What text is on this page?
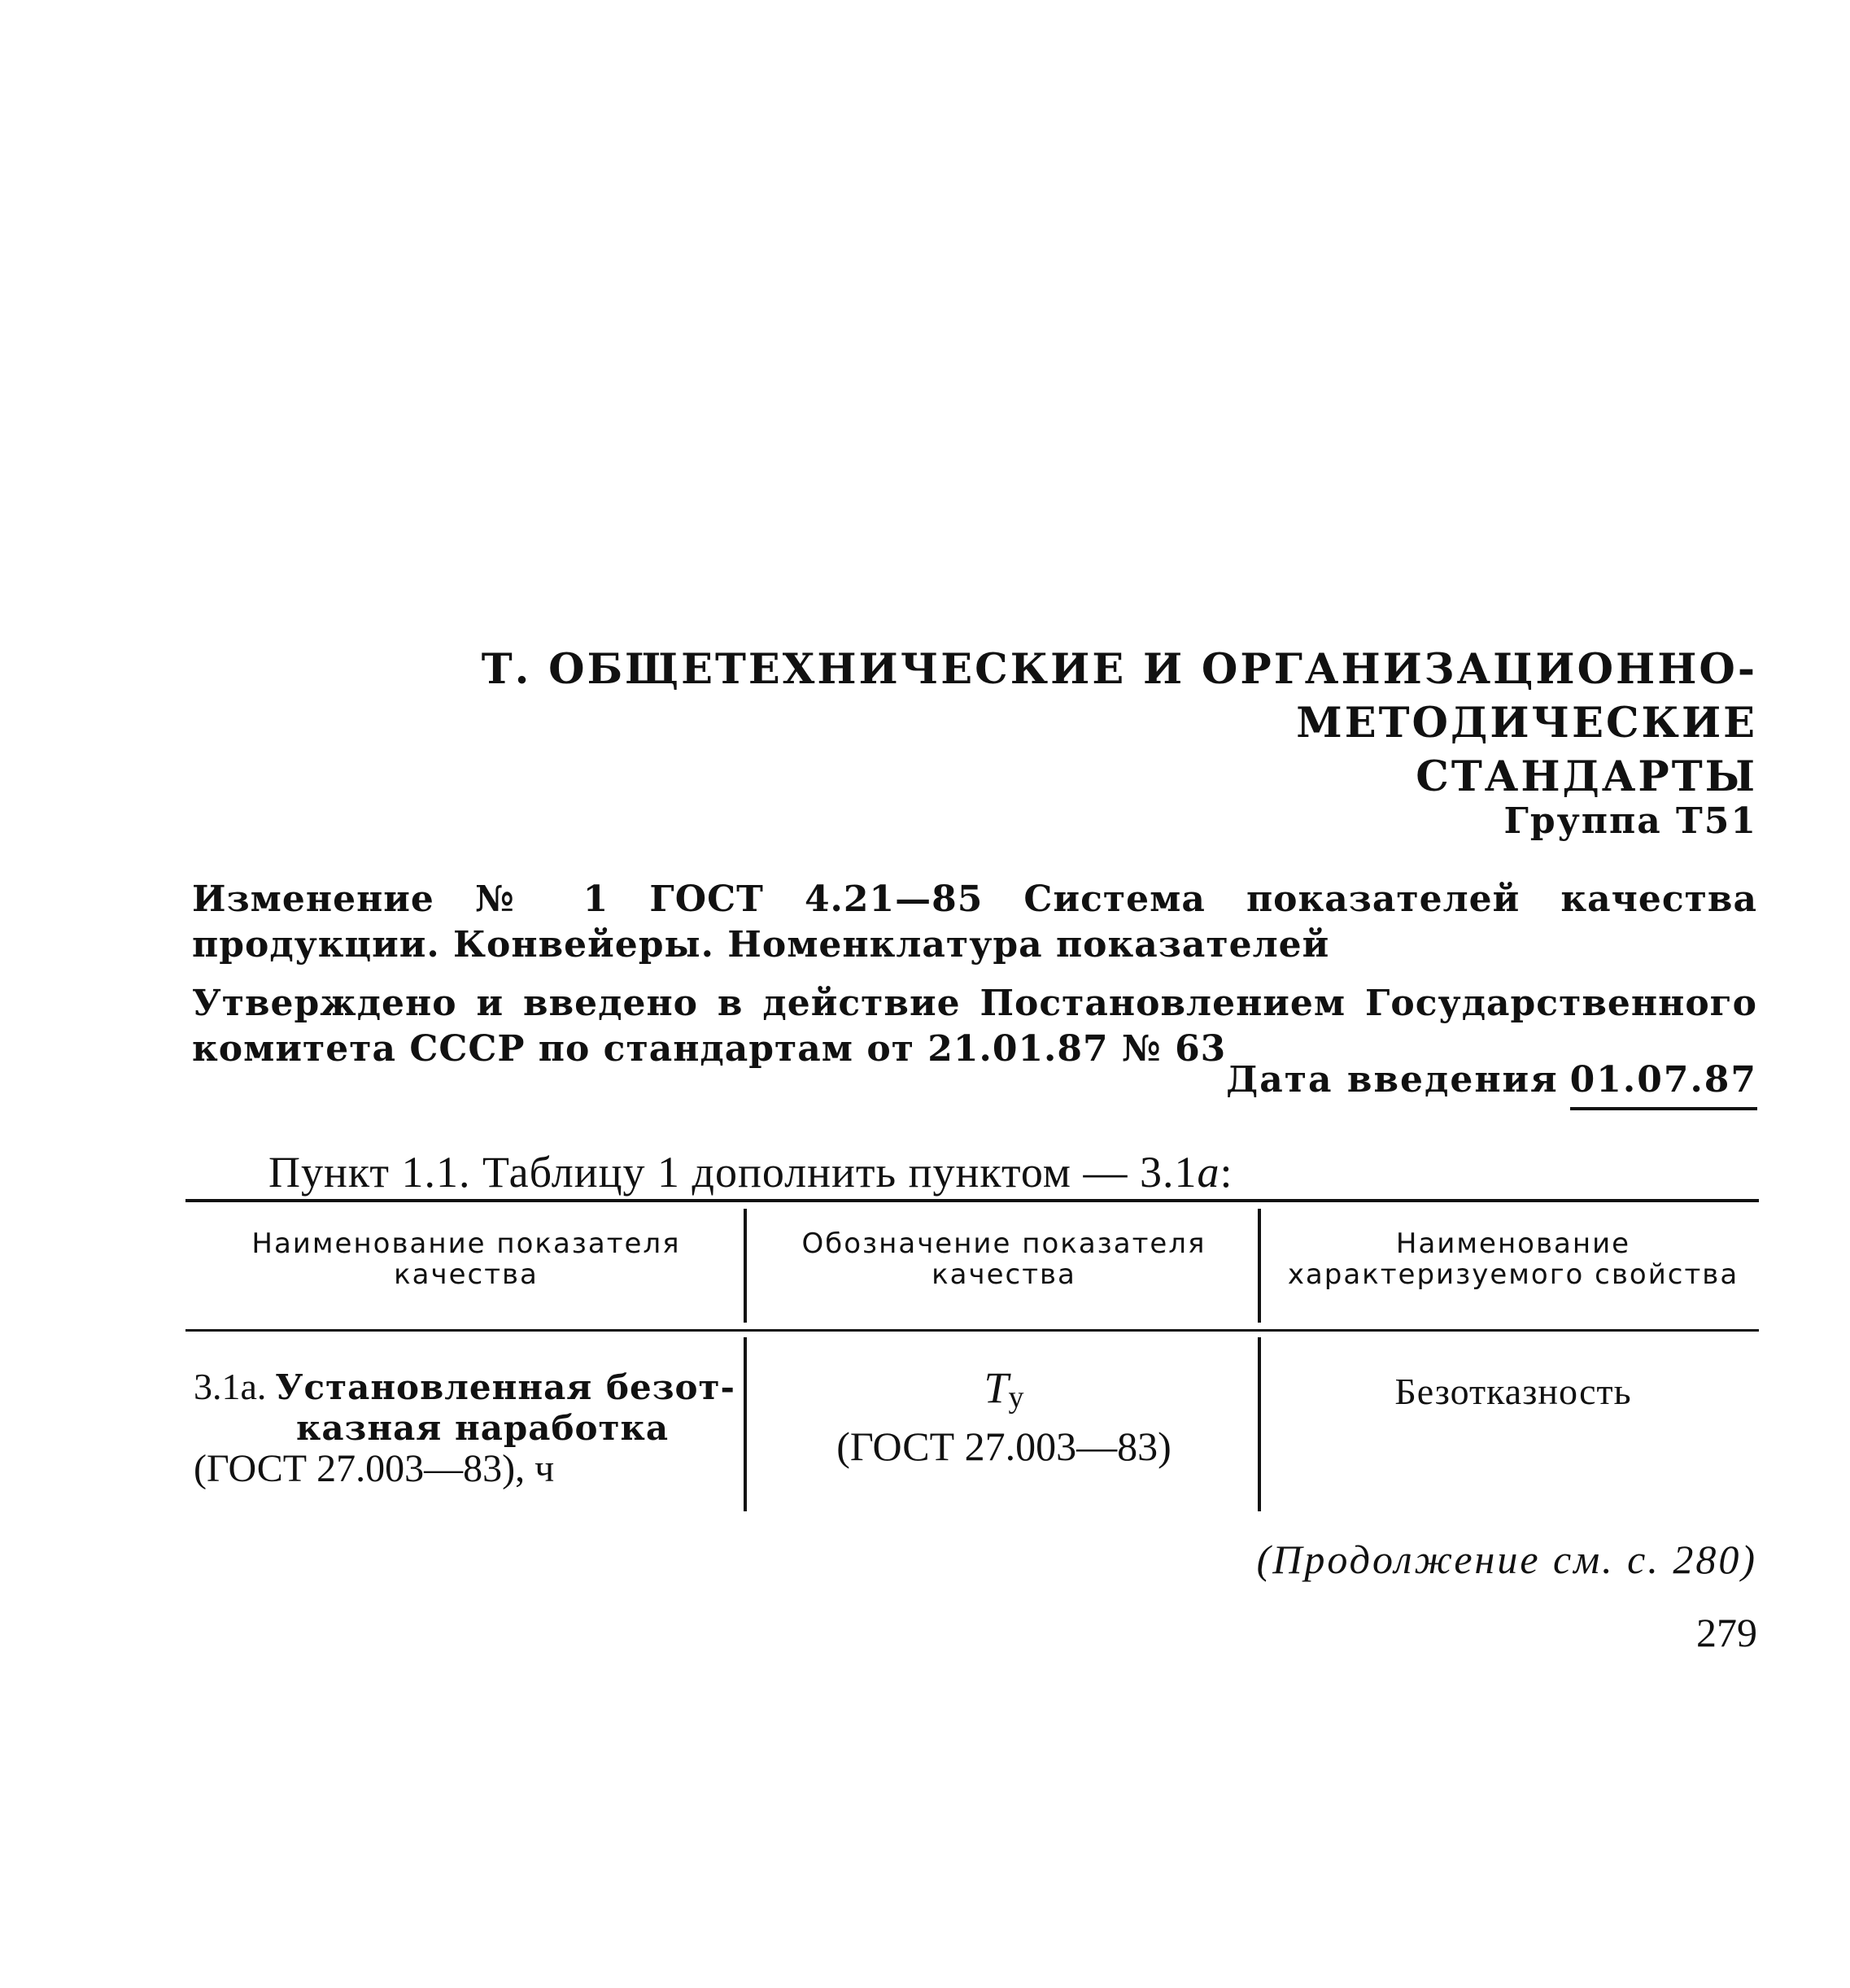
Т. ОБЩЕТЕХНИЧЕСКИЕ И ОРГАНИЗАЦИОННО-МЕТОДИЧЕСКИЕ
СТАНДАРТЫ
Группа Т51
Изменение № 1 ГОСТ 4.21—85 Система показателей качества продукции. Конвейеры. Номенклатура показателей
Утверждено и введено в действие Постановлением Государственного комитета СССР по стандартам от 21.01.87 № 63
Дата введения 01.07.87
Пункт 1.1. Таблицу 1 дополнить пунктом — 3.1а:
Наименование показателя качества
Обозначение показателя качества
Наименование характеризуемого свойства
3.1а. Установленная безот-
казная наработка
(ГОСТ 27.003—83), ч
$T_у$
(ГОСТ 27.003—83)
Безотказность
(Продолжение см. с. 280)
279
